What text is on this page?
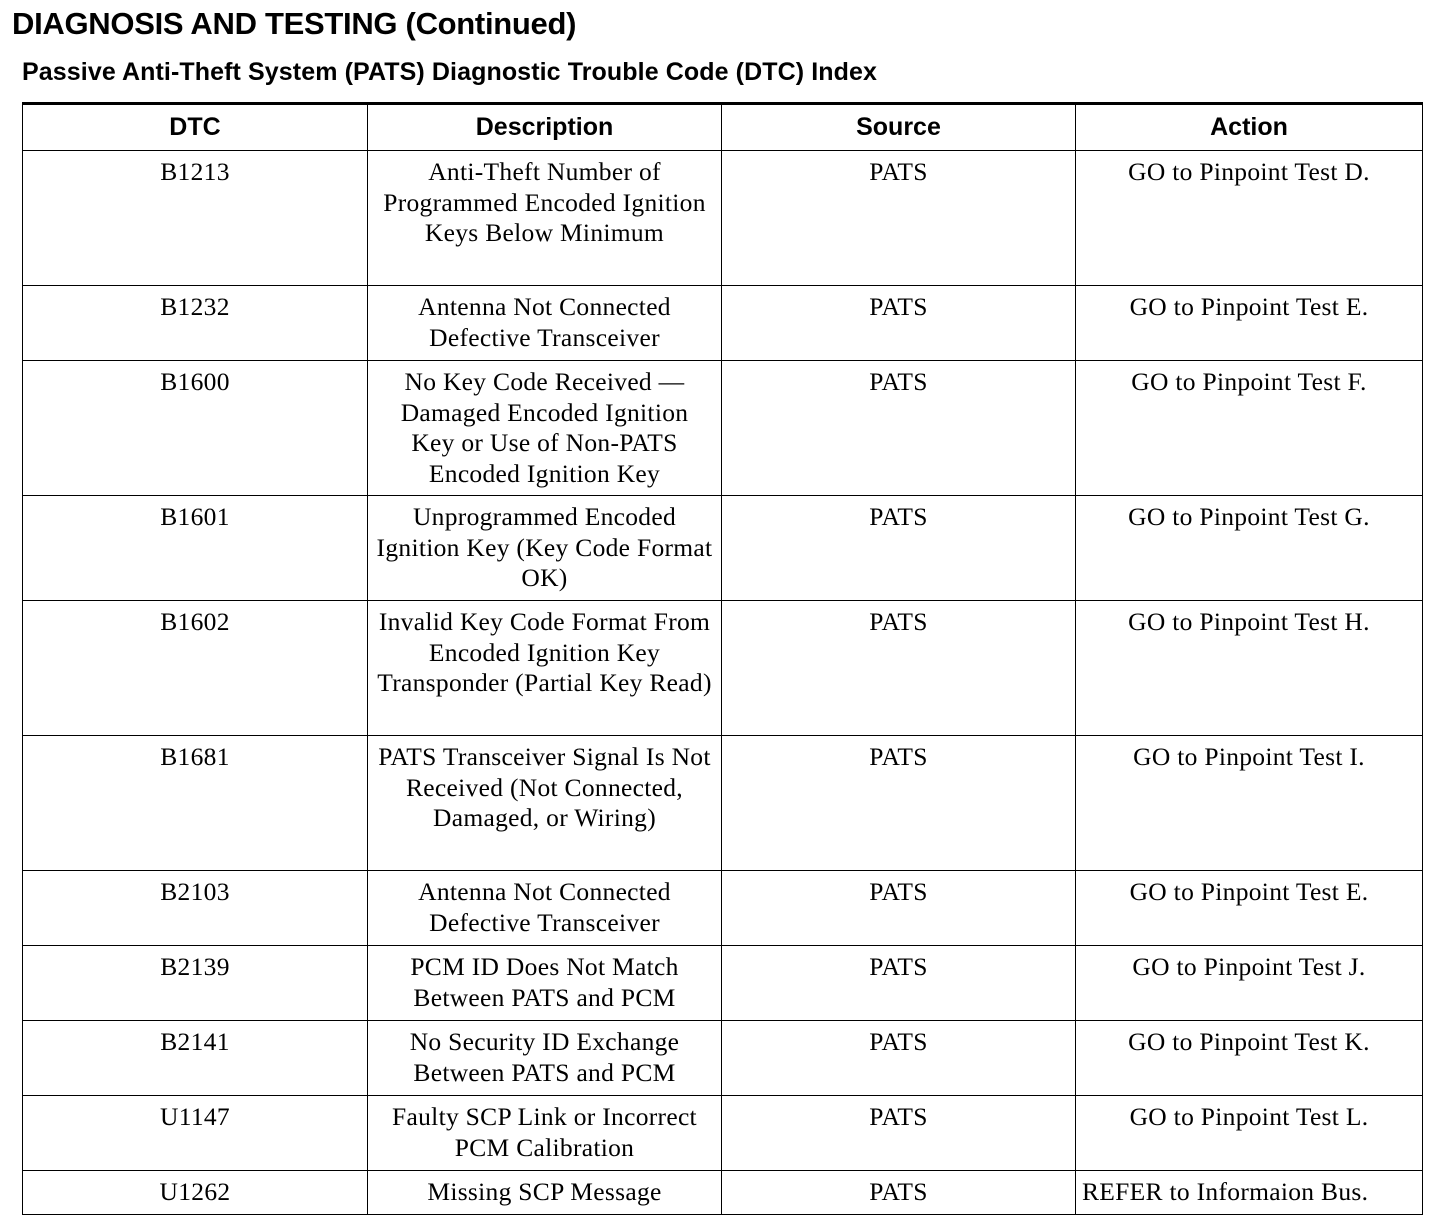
DIAGNOSIS AND TESTING (Continued)
Passive Anti-Theft System (PATS) Diagnostic Trouble Code (DTC) Index
DTC	Description	Source	Action
B1213	Anti-Theft Number of Programmed Encoded Ignition Keys Below Minimum	PATS	GO to Pinpoint Test D.
B1232	Antenna Not Connected Defective Transceiver	PATS	GO to Pinpoint Test E.
B1600	No Key Code Received — Damaged Encoded Ignition Key or Use of Non-PATS Encoded Ignition Key	PATS	GO to Pinpoint Test F.
B1601	Unprogrammed Encoded Ignition Key (Key Code Format OK)	PATS	GO to Pinpoint Test G.
B1602	Invalid Key Code Format From Encoded Ignition Key Transponder (Partial Key Read)	PATS	GO to Pinpoint Test H.
B1681	PATS Transceiver Signal Is Not Received (Not Connected, Damaged, or Wiring)	PATS	GO to Pinpoint Test I.
B2103	Antenna Not Connected Defective Transceiver	PATS	GO to Pinpoint Test E.
B2139	PCM ID Does Not Match Between PATS and PCM	PATS	GO to Pinpoint Test J.
B2141	No Security ID Exchange Between PATS and PCM	PATS	GO to Pinpoint Test K.
U1147	Faulty SCP Link or Incorrect PCM Calibration	PATS	GO to Pinpoint Test L.
U1262	Missing SCP Message	PATS	REFER to Informaion Bus.
